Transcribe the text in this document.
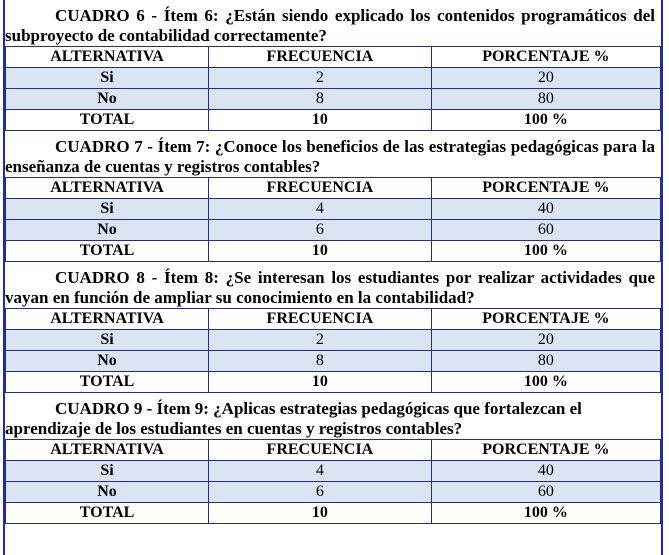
CUADRO 6 - Ítem 6: ¿Están siendo explicado los contenidos programáticos del subproyecto de contabilidad correctamente?
ALTERNATIVA	FRECUENCIA	PORCENTAJE %
Si	2	20
No	8	80
TOTAL	10	100 %
CUADRO 7 - Ítem 7: ¿Conoce los beneficios de las estrategias pedagógicas para la enseñanza de cuentas y registros contables?
ALTERNATIVA	FRECUENCIA	PORCENTAJE %
Si	4	40
No	6	60
TOTAL	10	100 %
CUADRO 8 - Ítem 8: ¿Se interesan los estudiantes por realizar actividades que vayan en función de ampliar su conocimiento en la contabilidad?
ALTERNATIVA	FRECUENCIA	PORCENTAJE %
Si	2	20
No	8	80
TOTAL	10	100 %
CUADRO 9 - Ítem 9: ¿Aplicas estrategias pedagógicas que fortalezcan el aprendizaje de los estudiantes en cuentas y registros contables?
ALTERNATIVA	FRECUENCIA	PORCENTAJE %
Si	4	40
No	6	60
TOTAL	10	100 %
